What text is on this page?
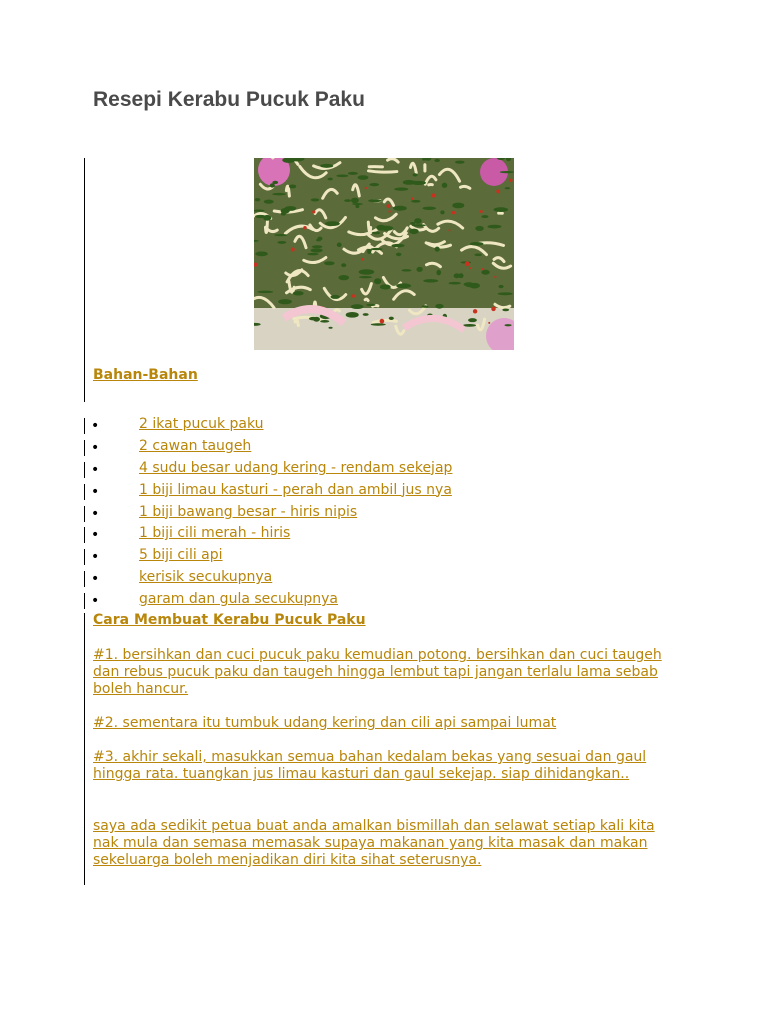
Resepi Kerabu Pucuk Paku
Bahan-Bahan
•	2 ikat pucuk paku
•	2 cawan taugeh
•	4 sudu besar udang kering - rendam sekejap
•	1 biji limau kasturi - perah dan ambil jus nya
•	1 biji bawang besar - hiris nipis
•	1 biji cili merah - hiris
•	5 biji cili api
•	kerisik secukupnya
•	garam dan gula secukupnya
Cara Membuat Kerabu Pucuk Paku

#1. bersihkan dan cuci pucuk paku kemudian potong. bersihkan dan cuci taugeh dan rebus pucuk paku dan taugeh hingga lembut tapi jangan terlalu lama sebab boleh hancur.

#2. sementara itu tumbuk udang kering dan cili api sampai lumat

#3. akhir sekali, masukkan semua bahan kedalam bekas yang sesuai dan gaul hingga rata. tuangkan jus limau kasturi dan gaul sekejap. siap dihidangkan..

saya ada sedikit petua buat anda amalkan bismillah dan selawat setiap kali kita nak mula dan semasa memasak supaya makanan yang kita masak dan makan sekeluarga boleh menjadikan diri kita sihat seterusnya.
